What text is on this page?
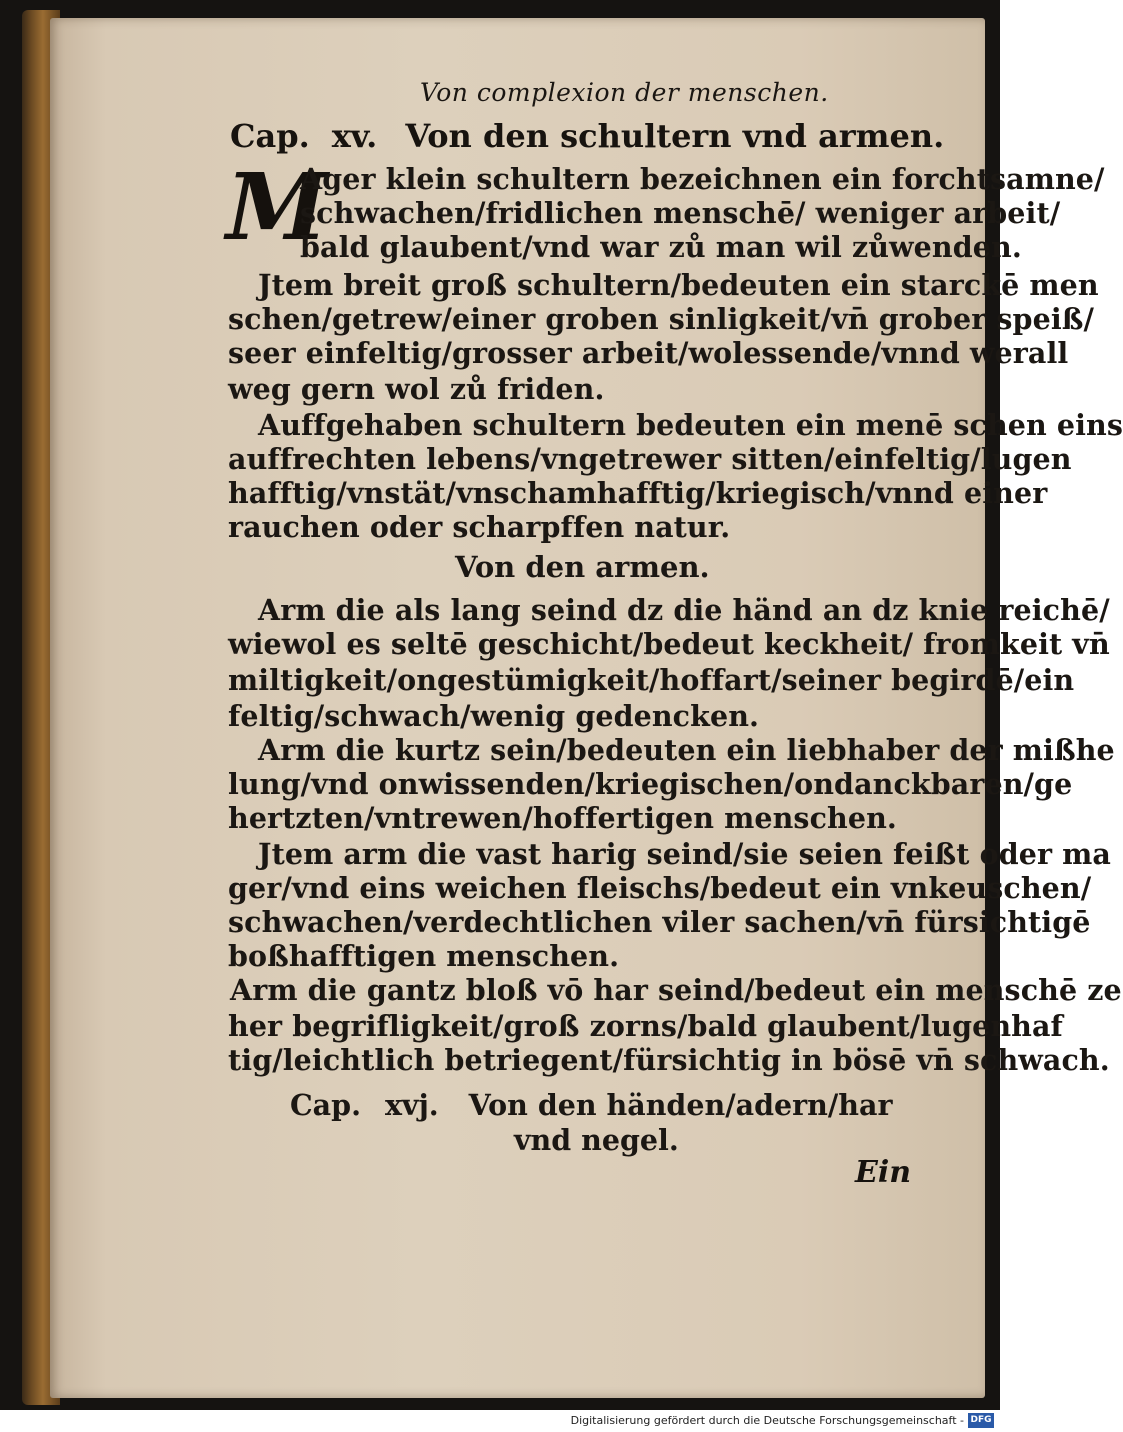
Von complexion der menschen.
Cap. xv. Von den schultern vnd armen.
M
Ager klein schultern bezeichnen ein forchtsamne/
schwachen/fridlichen menschē/ weniger arbeit/
bald glaubent/vnd war zů man wil zůwenden.
Jtem breit groß schultern/bedeuten ein starckē men
schen/getrew/einer groben sinligkeit/vn̄ grober speiß/
seer einfeltig/grosser arbeit/wolessende/vnnd werall
weg gern wol zů friden.
Auffgehaben schultern bedeuten ein menē schen eins
auffrechten lebens/vngetrewer sitten/einfeltig/lugen
hafftig/vnstät/vnschamhafftig/kriegisch/vnnd einer
rauchen oder scharpffen natur.
Von den armen.
Arm die als lang seind dz die händ an dz knie reichē/
wiewol es seltē geschicht/bedeut keckheit/ fromkeit vn̄
miltigkeit/ongestümigkeit/hoffart/seiner begirdē/ein
feltig/schwach/wenig gedencken.
Arm die kurtz sein/bedeuten ein liebhaber der mißhe
lung/vnd onwissenden/kriegischen/ondanckbaren/ge
hertzten/vntrewen/hoffertigen menschen.
Jtem arm die vast harig seind/sie seien feißt oder ma
ger/vnd eins weichen fleischs/bedeut ein vnkeuschen/
schwachen/verdechtlichen viler sachen/vn̄ fürsichtigē
boßhafftigen menschen.
Arm die gantz bloß vō har seind/bedeut ein menschē ze
her begrifligkeit/groß zorns/bald glaubent/lugenhaf
tig/leichtlich betriegent/fürsichtig in bösē vn̄ schwach.
Cap. xvj. Von den händen/adern/har
vnd negel.
Ein
Digitalisierung gefördert durch die Deutsche Forschungsgemeinschaft - DFG
